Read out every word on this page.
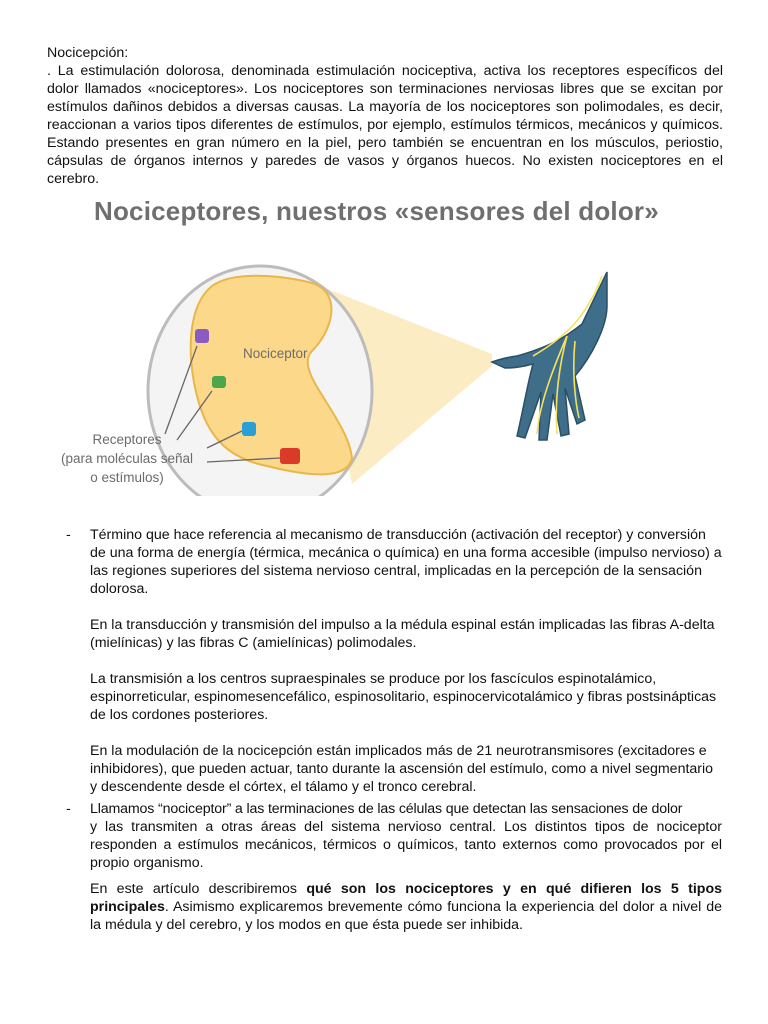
Nocicepción:

. La estimulación dolorosa, denominada estimulación nociceptiva, activa los receptores específicos del dolor llamados «nociceptores». Los nociceptores son terminaciones nerviosas libres que se excitan por estímulos dañinos debidos a diversas causas. La mayoría de los nociceptores son polimodales, es decir, reaccionan a varios tipos diferentes de estímulos, por ejemplo, estímulos térmicos, mecánicos y químicos. Estando presentes en gran número en la piel, pero también se encuentran en los músculos, periostio, cápsulas de órganos internos y paredes de vasos y órganos huecos. No existen nociceptores en el cerebro.

Nociceptores, nuestros «sensores del dolor»
Nociceptor
Receptores
(para moléculas señal
o estímulos)
- Término que hace referencia al mecanismo de transducción (activación del receptor) y conversión de una forma de energía (térmica, mecánica o química) en una forma accesible (impulso nervioso) a las regiones superiores del sistema nervioso central, implicadas en la percepción de la sensación dolorosa.

En la transducción y transmisión del impulso a la médula espinal están implicadas las fibras A-delta (mielínicas) y las fibras C (amielínicas) polimodales.

La transmisión a los centros supraespinales se produce por los fascículos espinotalámico, espinorreticular, espinomesencefálico, espinosolitario, espinocervicotalámico y fibras postsinápticas de los cordones posteriores.

En la modulación de la nocicepción están implicados más de 21 neurotransmisores (excitadores e inhibidores), que pueden actuar, tanto durante la ascensión del estímulo, como a nivel segmentario y descendente desde el córtex, el tálamo y el tronco cerebral.

- Llamamos “nociceptor” a las terminaciones de las células que detectan las sensaciones de dolor

y las transmiten a otras áreas del sistema nervioso central. Los distintos tipos de nociceptor responden a estímulos mecánicos, térmicos o químicos, tanto externos como provocados por el propio organismo.

En este artículo describiremos qué son los nociceptores y en qué difieren los 5 tipos principales. Asimismo explicaremos brevemente cómo funciona la experiencia del dolor a nivel de la médula y del cerebro, y los modos en que ésta puede ser inhibida.
